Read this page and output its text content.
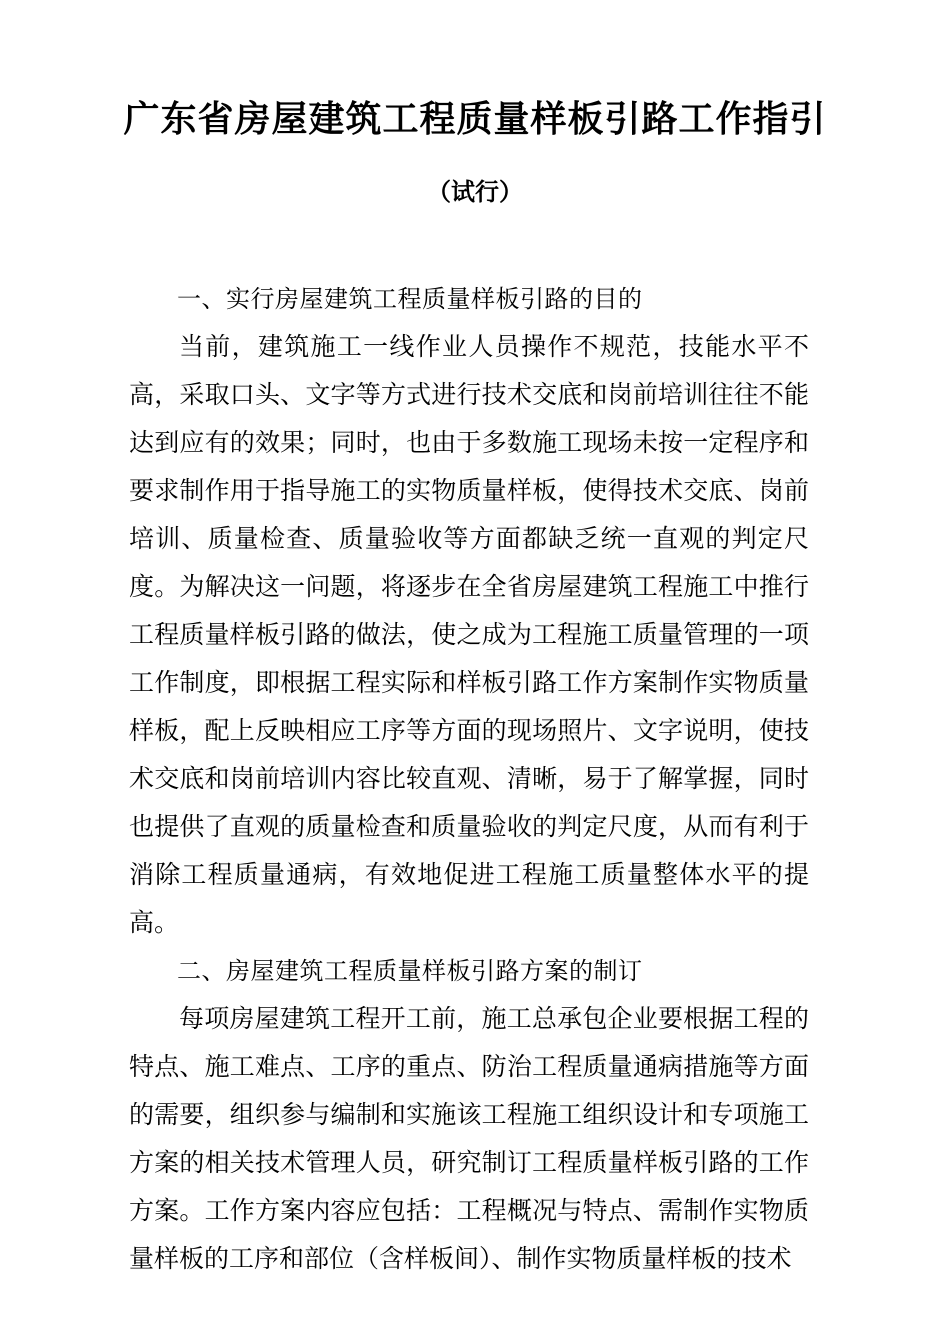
广东省房屋建筑工程质量样板引路工作指引
（试行）

一、实行房屋建筑工程质量样板引路的目的

当前，建筑施工一线作业人员操作不规范，技能水平不高，采取口头、文字等方式进行技术交底和岗前培训往往不能达到应有的效果；同时，也由于多数施工现场未按一定程序和要求制作用于指导施工的实物质量样板，使得技术交底、岗前培训、质量检查、质量验收等方面都缺乏统一直观的判定尺度。为解决这一问题，将逐步在全省房屋建筑工程施工中推行工程质量样板引路的做法，使之成为工程施工质量管理的一项工作制度，即根据工程实际和样板引路工作方案制作实物质量样板，配上反映相应工序等方面的现场照片、文字说明，使技术交底和岗前培训内容比较直观、清晰，易于了解掌握，同时也提供了直观的质量检查和质量验收的判定尺度，从而有利于消除工程质量通病，有效地促进工程施工质量整体水平的提高。

二、房屋建筑工程质量样板引路方案的制订

每项房屋建筑工程开工前，施工总承包企业要根据工程的特点、施工难点、工序的重点、防治工程质量通病措施等方面的需要，组织参与编制和实施该工程施工组织设计和专项施工方案的相关技术管理人员，研究制订工程质量样板引路的工作方案。工作方案内容应包括：工程概况与特点、需制作实物质量样板的工序和部位（含样板间）、制作实物质量样板的技术
